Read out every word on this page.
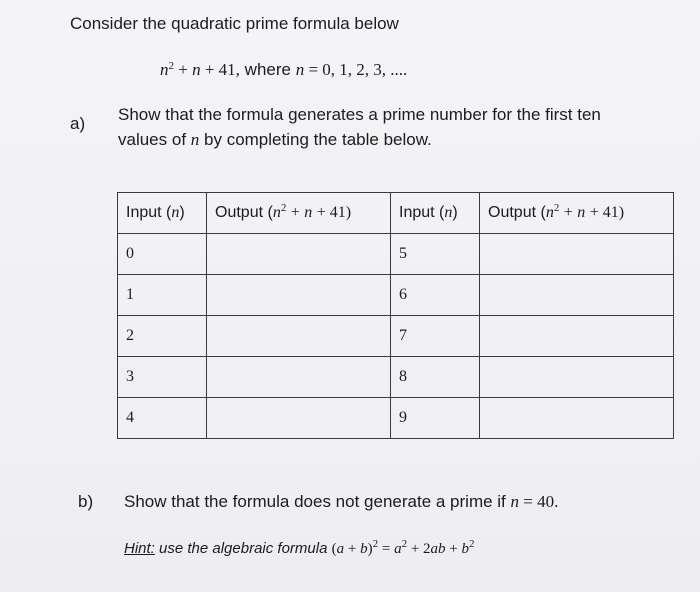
Consider the quadratic prime formula below
$n^2 + n + 41$, where n = 0, 1, 2, 3, ....
a) Show that the formula generates a prime number for the first ten values of n by completing the table below.
Input (n)	Output $(n^2 + n + 41)$	Input (n)	Output $(n^2 + n + 41)$
0		5	
1		6	
2		7	
3		8	
4		9	
b) Show that the formula does not generate a prime if n = 40.
Hint: use the algebraic formula $(a + b)^2 = a^2 + 2ab + b^2$
